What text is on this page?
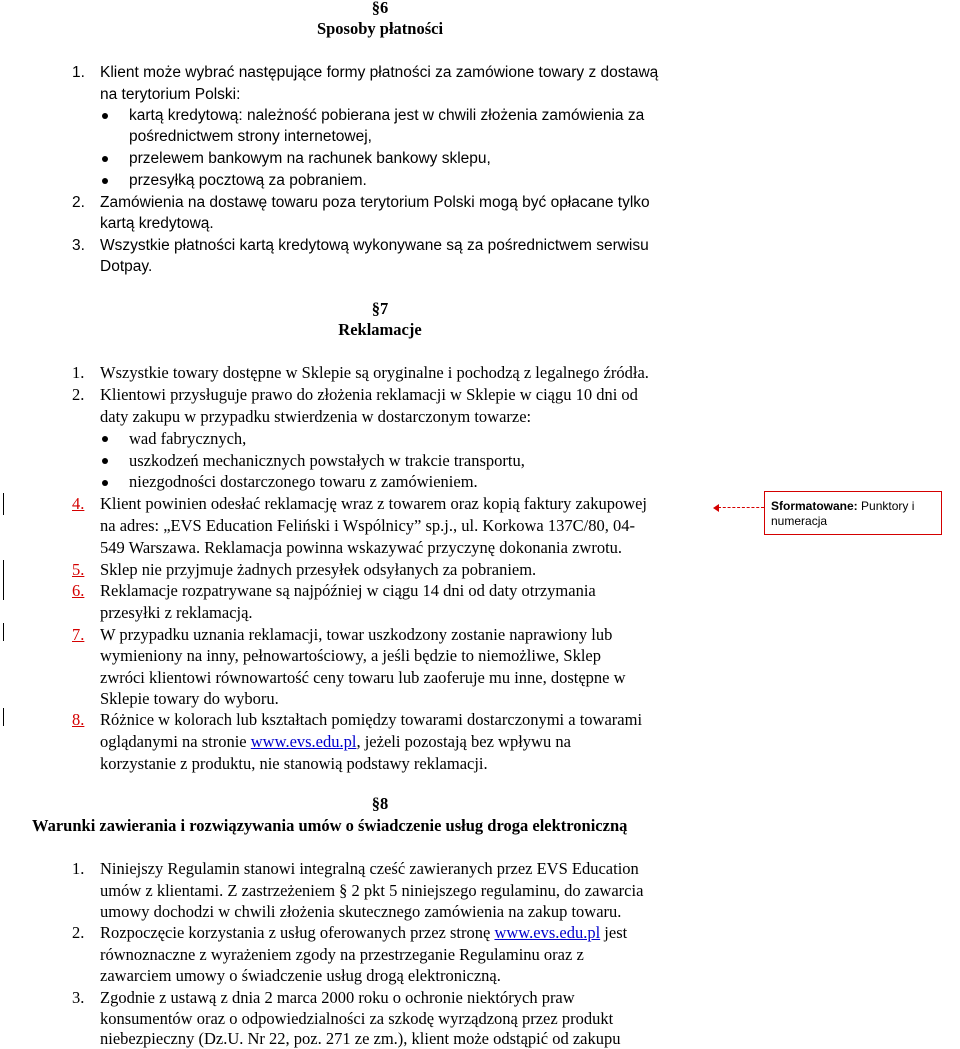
§6
Sposoby płatności
1. Klient może wybrać następujące formy płatności za zamówione towary z dostawą
na terytorium Polski:
kartą kredytową: należność pobierana jest w chwili złożenia zamówienia za
pośrednictwem strony internetowej,
przelewem bankowym na rachunek bankowy sklepu,
przesyłką pocztową za pobraniem.
2. Zamówienia na dostawę towaru poza terytorium Polski mogą być opłacane tylko
kartą kredytową.
3. Wszystkie płatności kartą kredytową wykonywane są za pośrednictwem serwisu
Dotpay.
§7
Reklamacje
1. Wszystkie towary dostępne w Sklepie są oryginalne i pochodzą z legalnego źródła.
2. Klientowi przysługuje prawo do złożenia reklamacji w Sklepie w ciągu 10 dni od
daty zakupu w przypadku stwierdzenia w dostarczonym towarze:
wad fabrycznych,
uszkodzeń mechanicznych powstałych w trakcie transportu,
niezgodności dostarczonego towaru z zamówieniem.
4. Klient powinien odesłać reklamację wraz z towarem oraz kopią faktury zakupowej
na adres: „EVS Education Feliński i Wspólnicy” sp.j., ul. Korkowa 137C/80, 04-
549 Warszawa. Reklamacja powinna wskazywać przyczynę dokonania zwrotu.
5. Sklep nie przyjmuje żadnych przesyłek odsyłanych za pobraniem.
6. Reklamacje rozpatrywane są najpóźniej w ciągu 14 dni od daty otrzymania
przesyłki z reklamacją.
7. W przypadku uznania reklamacji, towar uszkodzony zostanie naprawiony lub
wymieniony na inny, pełnowartościowy, a jeśli będzie to niemożliwe, Sklep
zwróci klientowi równowartość ceny towaru lub zaoferuje mu inne, dostępne w
Sklepie towary do wyboru.
8. Różnice w kolorach lub kształtach pomiędzy towarami dostarczonymi a towarami
oglądanymi na stronie www.evs.edu.pl, jeżeli pozostają bez wpływu na
korzystanie z produktu, nie stanowią podstawy reklamacji.
Sformatowane: Punktory i numeracja
§8
Warunki zawierania i rozwiązywania umów o świadczenie usług droga elektroniczną
1. Niniejszy Regulamin stanowi integralną cześć zawieranych przez EVS Education
umów z klientami. Z zastrzeżeniem § 2 pkt 5 niniejszego regulaminu, do zawarcia
umowy dochodzi w chwili złożenia skutecznego zamówienia na zakup towaru.
2. Rozpoczęcie korzystania z usług oferowanych przez stronę www.evs.edu.pl jest
równoznaczne z wyrażeniem zgody na przestrzeganie Regulaminu oraz z
zawarciem umowy o świadczenie usług drogą elektroniczną.
3. Zgodnie z ustawą z dnia 2 marca 2000 roku o ochronie niektórych praw
konsumentów oraz o odpowiedzialności za szkodę wyrządzoną przez produkt
niebezpieczny (Dz.U. Nr 22, poz. 271 ze zm.), klient może odstąpić od zakupu
